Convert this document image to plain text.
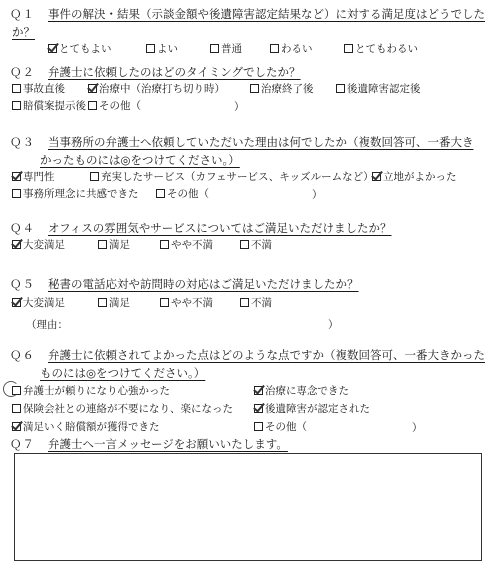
Ｑ１ 事件の解決・結果（示談金額や後遺障害認定結果など）に対する満足度はどうでした
か？
とてもよい	よい	普通	わるい	とてもわるい
Ｑ２ 弁護士に依頼したのはどのタイミングでしたか？
事故直後	治療中（治療打ち切り時）	治療終了後	後遺障害認定後
賠償案提示後	その他（	）
Ｑ３ 当事務所の弁護士へ依頼していただいた理由は何でしたか（複数回答可、一番大き
かったものには◎をつけてください。）
専門性	充実したサービス（カフェサービス、キッズルームなど） 立地がよかった
事務所理念に共感できた	その他（	）
Ｑ４ オフィスの雰囲気やサービスについてはご満足いただけましたか？
大変満足	満足	やや不満	不満
Ｑ５ 秘書の電話応対や訪問時の対応はご満足いただけましたか？
大変満足	満足	やや不満	不満
（理由：	）
Ｑ６ 弁護士に依頼されてよかった点はどのような点ですか（複数回答可、一番大きかった
ものには◎をつけてください。）
弁護士が頼りになり心強かった	治療に専念できた
保険会社との連絡が不要になり、楽になった	後遺障害が認定された
満足いく賠償額が獲得できた	その他（	）
Ｑ７ 弁護士へ一言メッセージをお願いいたします。
